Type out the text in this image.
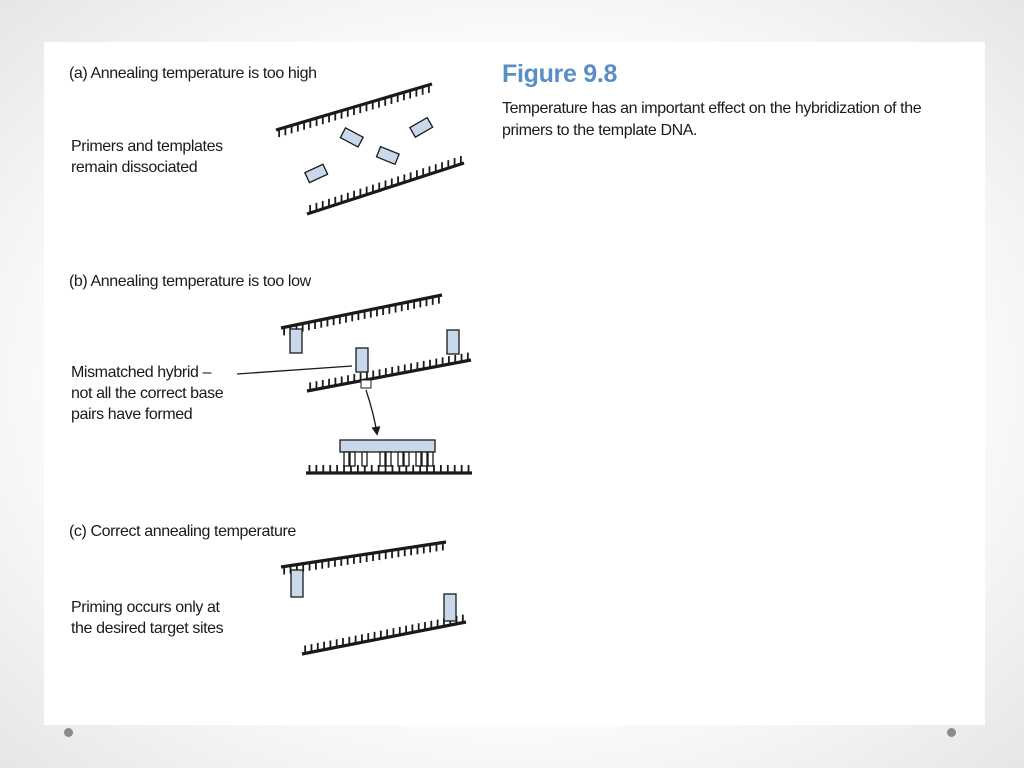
Figure 9.8
Temperature has an important effect on the hybridization of the primers to the template DNA.
(a) Annealing temperature is too high
Primers and templates
remain dissociated
(b) Annealing temperature is too low
Mismatched hybrid –
not all the correct base
pairs have formed
(c) Correct annealing temperature
Priming occurs only at
the desired target sites
